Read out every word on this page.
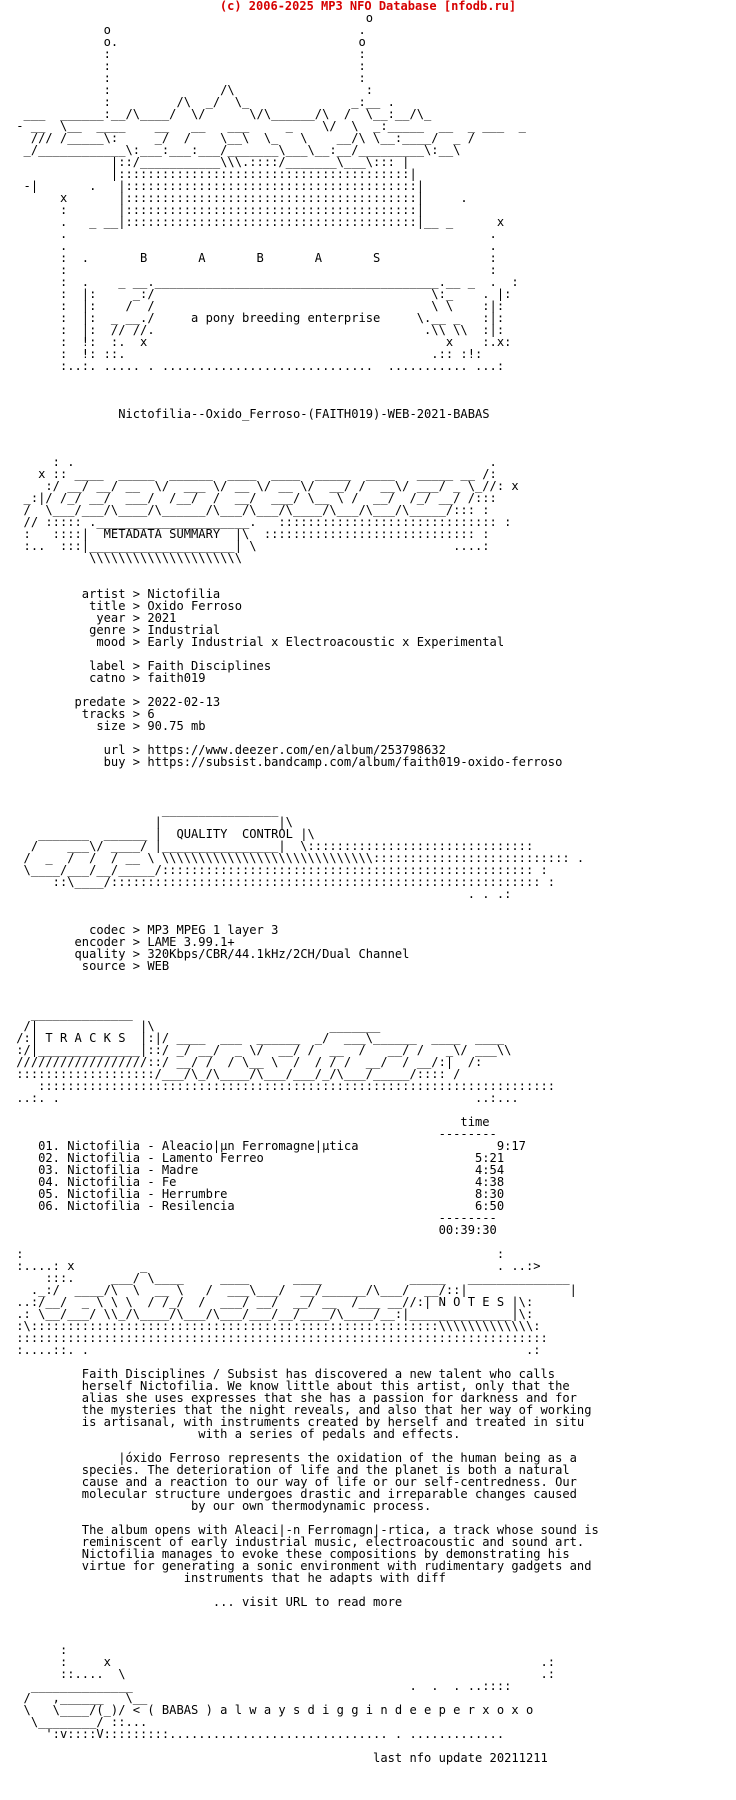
(c) 2006-2025 MP3 NFO Database [nfodb.ru]
o
o                                  .
o.                                 o
:                                  :
:                                  :
:                                  :
:               /\                  :
:         /\  _/  \_              _:__ .
___  ______:__/\____/  \/      \/\______/\  /  \__:__/\_
- __  \__  ____    __   __   ___     _    \/  \  _:_____  __  _ ___  _
/// /_____\:     _/  /    \__\  \_   \    __/\ \__:____/  _ /
_/____________\:___:___:___/_______\___\__:__/_________\:__\
|::/___________\\\.::::/_______\___\::: |
|::::::::::::::::::::::::::::::::::::::::|
-|       .   |::::::::::::::::::::::::::::::::::::::::|
x       |::::::::::::::::::::::::::::::::::::::::|     .
:       |::::::::::::::::::::::::::::::::::::::::|
.   _ __|::::::::::::::::::::::::::::::::::::::::|__ _      x
.                                                          .
.                                                          .
:  .       B       A       B       A       S               :
:                                                          :
:  .    _ __._______________________________________.__ _  .  :
:  |:     _:/                                      \:_    . |:
:  |:    /  /                                      \ \    :|:
:  |:  _ __./     a pony breeding enterprise     \.__ _   :|:
:  |:  // //.                                     .\\ \\  :|:
:  !:  :.  x                                         x    :.x:
:  !: ::.                                          .:: :!:
:..:. ..... . .............................  ........... ...:

Nictofilia--Oxido_Ferroso-(FAITH019)-WEB-2021-BABAS

: .                                                         .
x :: ____  _____  ______  ____  ____  _____  ____   _____ __ /:
:/ __/ __/ __  \/  ___ \/ __ \/ __ \/  __/ /  __\/ ___/ _ \_//: x
_:|/ /_/ __/  ___/  /__/  /  __/  ___/ \__ \ /  __/  /_/ __/ /:::
/  \___/___/\____/\______/\___/\___/\____/\___/\___/\_____/::: :
// ::::: ._____________________.   :::::::::::::::::::::::::::::: :
:   ::::|  METADATA SUMMARY  |\  ::::::::::::::::::::::::::::: :
:..  :::|____________________| \                           ....:
\\\\\\\\\\\\\\\\\\\\\

artist > Nictofilia
title > Oxido Ferroso
year > 2021
genre > Industrial
mood > Early Industrial x Electroacoustic x Experimental

label > Faith Disciplines
catno > faith019

predate > 2022-02-13
tracks > 6
size > 90.75 mb

url > https://www.deezer.com/en/album/253798632
buy > https://subsist.bandcamp.com/album/faith019-oxido-ferroso

________________
|                |\
_______  ______ |  QUALITY  CONTROL |\
/    ___\/ ____/ |________________|  \:::::::::::::::::::::::::::::::
/  _  /  /  / __ \ \\\\\\\\\\\\\\\\\\\\\\\\\\\\\::::::::::::::::::::::::::: .
\____/___/__/_____/::::::::::::::::::::::::::::::::::::::::::::::::::: :
::\____/::::::::::::::::::::::::::::::::::::::::::::::::::::::::::: :
. . .:

codec > MP3 MPEG 1 layer 3
encoder > LAME 3.99.1+
quality > 320Kbps/CBR/44.1kHz/2CH/Dual Channel
source > WEB

______________
/|              |\                        _______
/:| T R A C K S  |:|/ ____  ___  ______  _/  ___\______  ____  ____
:/|______________|::/ _/ __/  _ \/  __/ /  __  /   __/ /   _\/ ___\\
//////////////////::/ __/ /  / \__ \  /  / / /  __/  / __/:|  /:
:::::::::::::::::::/___/\_/\____/\___/___/_/\___/_____/:::: /
:::::::::::::::::::::::::::::::::::::::::::::::::::::::::::::::::::::::
..:. .                                                         ..:...

time
--------
01. Nictofilia - Aleacio|µn Ferromagne|µtica                   9:17
02. Nictofilia - Lamento Ferreo                             5:21
03. Nictofilia - Madre                                      4:54
04. Nictofilia - Fe                                         4:38
05. Nictofilia - Herrumbre                                  8:30
06. Nictofilia - Resilencia                                 6:50
--------
00:39:30

:                                                                 :
:....: x         _                                                . ..:>
:::.     ___/ \____     ____      ____            _____   ______________
._:/  ____/\  \  __ \   /  ___\___/  __/______/\___/  __/::|              |
..:/__/  _ \ \ \  / /_/  /  ___/ __/  __/ __  /___ __//:| N O T E S |\:
.: \__/___/ \\_/\____/\___/\___/___/__/____/\____/__:|______________|\:
:\::::::::::::::::::::::::::::::::::::::::::::::::::::::::\\\\\\\\\\\\\:
:::::::::::::::::::::::::::::::::::::::::::::::::::::::::::::::::::::::::
:....::. .                                                            .:

Faith Disciplines / Subsist has discovered a new talent who calls
herself Nictofilia. We know little about this artist, only that the
alias she uses expresses that she has a passion for darkness and for
the mysteries that the night reveals, and also that her way of working
is artisanal, with instruments created by herself and treated in situ
with a series of pedals and effects.

|óxido Ferroso represents the oxidation of the human being as a
species. The deterioration of life and the planet is both a natural
cause and a reaction to our way of life or our self-centredness. Our
molecular structure undergoes drastic and irreparable changes caused
by our own thermodynamic process.

The album opens with Aleaci|-n Ferromagn|-rtica, a track whose sound is
reminiscent of early industrial music, electroacoustic and sound art.
Nictofilia manages to evoke these compositions by demonstrating his
virtue for generating a sonic environment with rudimentary gadgets and
instruments that he adapts with diff

... visit URL to read more

:
:     x                                                           .:
::....  \                                                         .:
______________                                      .  .  . ..::::
/   ,______   \__
\   \____/(_)/ < ( BABAS ) a l w a y s d i g g i n d e e p e r x o x o
\________/ ::...
':v::::V:::::::::.............................. . .............

last nfo update 20211211
